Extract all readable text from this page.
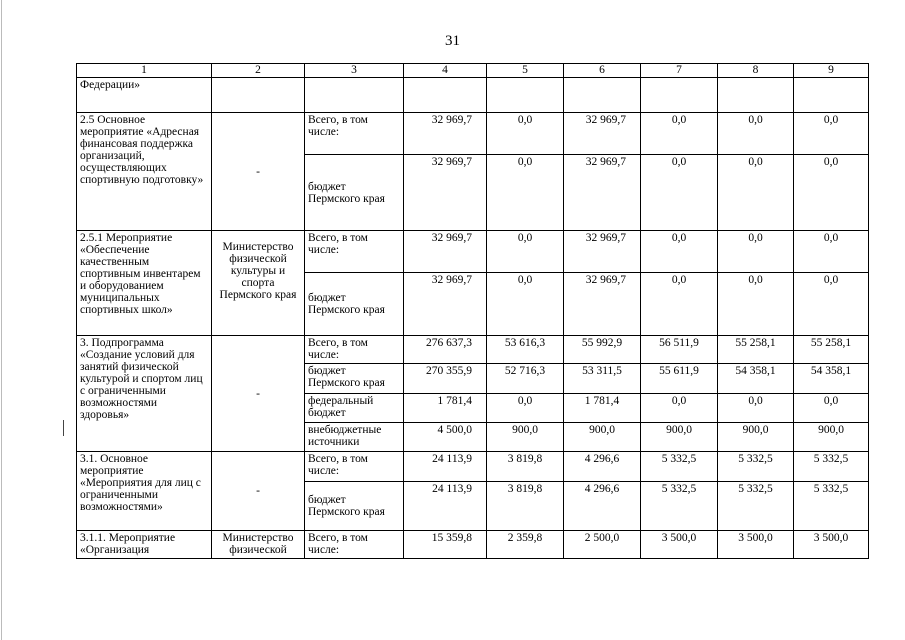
31
1	2	3	4	5	6	7	8	9
Федерации»								
2.5 Основное мероприятие «Адресная финансовая поддержка организаций, осуществляющих спортивную подготовку»	-	Всего, в том числе:	32 969,7	0,0	32 969,7	0,0	0,0	0,0
		бюджет Пермского края	32 969,7	0,0	32 969,7	0,0	0,0	0,0
2.5.1 Мероприятие «Обеспечение качественным спортивным инвентарем и оборудованием муниципальных спортивных школ»	Министерство физической культуры и спорта Пермского края	Всего, в том числе:	32 969,7	0,0	32 969,7	0,0	0,0	0,0
		бюджет Пермского края	32 969,7	0,0	32 969,7	0,0	0,0	0,0
3. Подпрограмма «Создание условий для занятий физической культурой и спортом лиц с ограниченными возможностями здоровья»	-	Всего, в том числе:	276 637,3	53 616,3	55 992,9	56 511,9	55 258,1	55 258,1
		бюджет Пермского края	270 355,9	52 716,3	53 311,5	55 611,9	54 358,1	54 358,1
		федеральный бюджет	1 781,4	0,0	1 781,4	0,0	0,0	0,0
		внебюджетные источники	4 500,0	900,0	900,0	900,0	900,0	900,0
3.1. Основное мероприятие «Мероприятия для лиц с ограниченными возможностями»	-	Всего, в том числе:	24 113,9	3 819,8	4 296,6	5 332,5	5 332,5	5 332,5
		бюджет Пермского края	24 113,9	3 819,8	4 296,6	5 332,5	5 332,5	5 332,5
3.1.1. Мероприятие «Организация	Министерство физической	Всего, в том числе:	15 359,8	2 359,8	2 500,0	3 500,0	3 500,0	3 500,0
